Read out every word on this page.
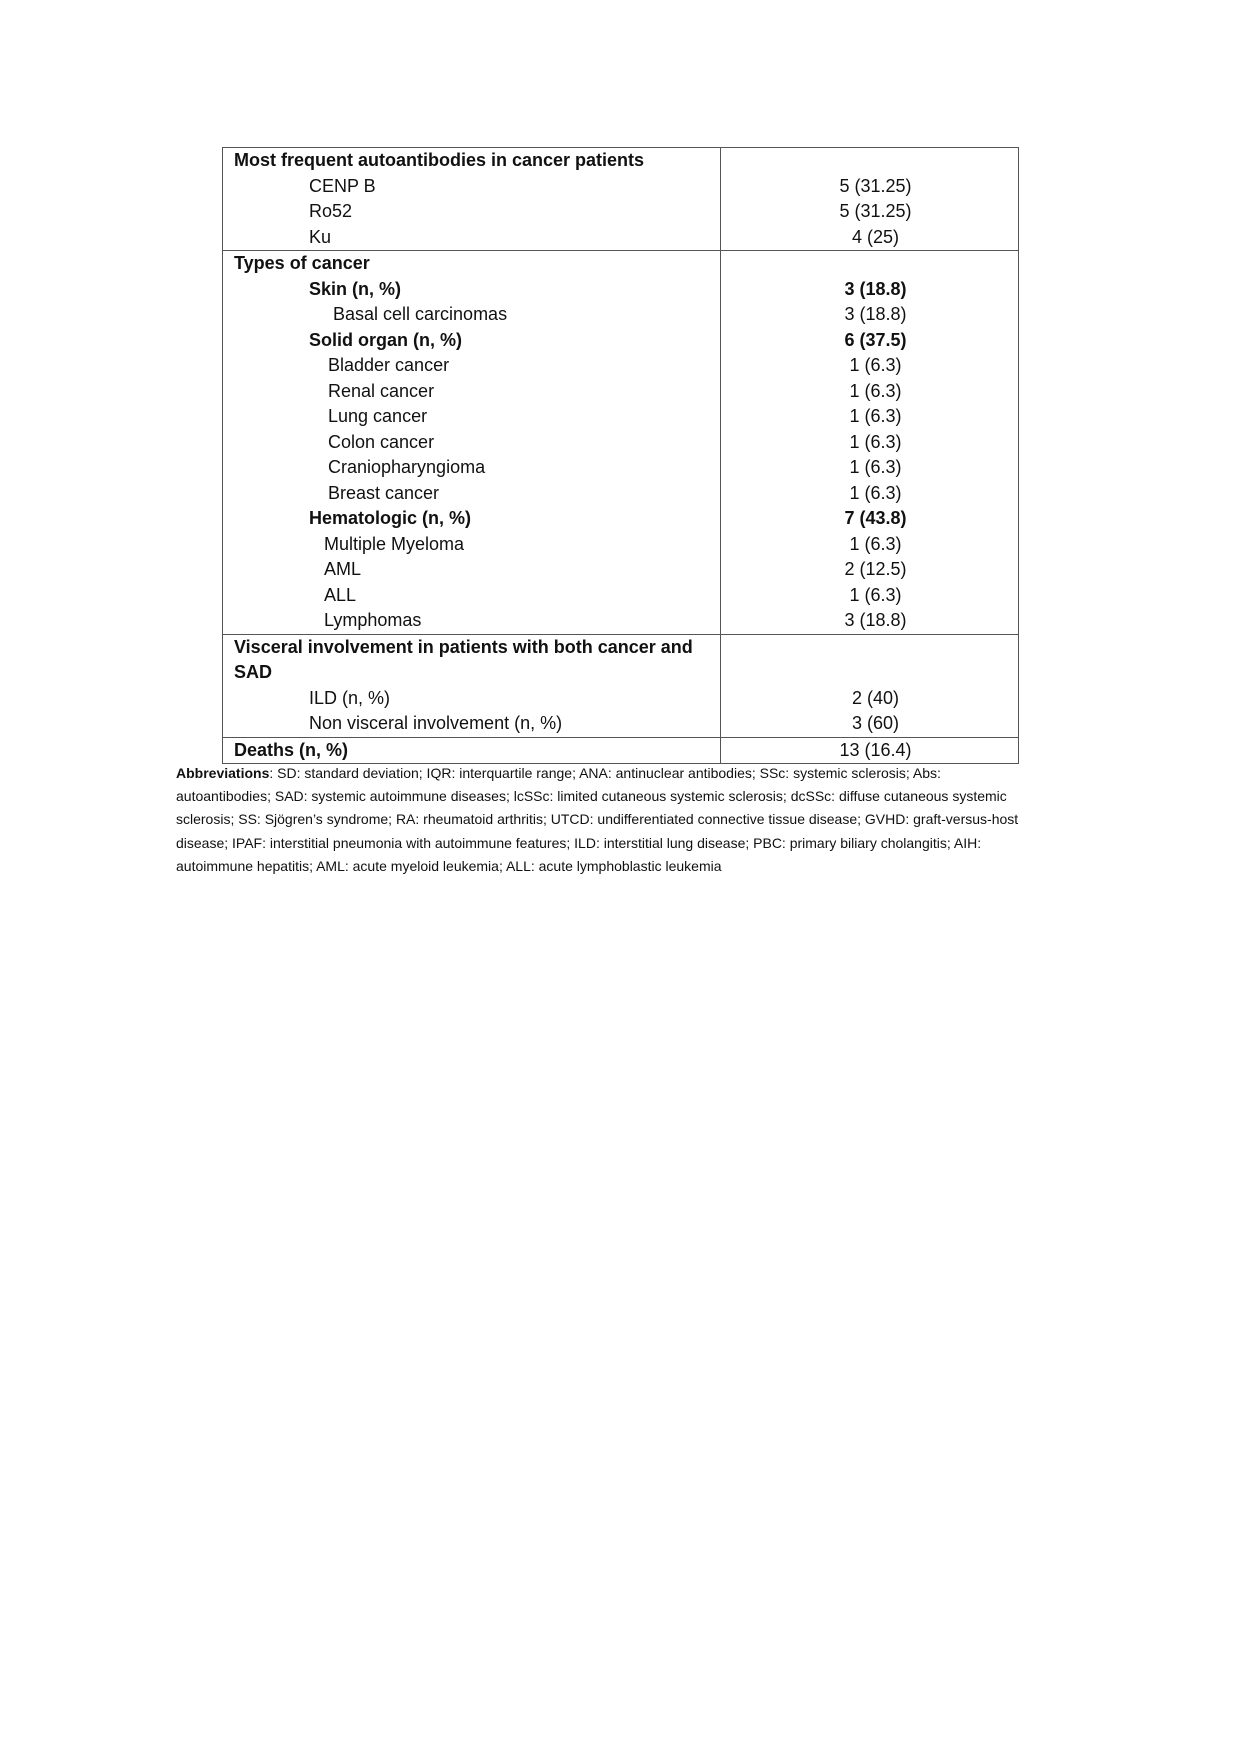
Most frequent autoantibodies in cancer patients	
CENP B	5 (31.25)
Ro52	5 (31.25)
Ku	4 (25)
Types of cancer	
Skin (n, %)	3 (18.8)
Basal cell carcinomas	3 (18.8)
Solid organ (n, %)	6 (37.5)
Bladder cancer	1 (6.3)
Renal cancer	1 (6.3)
Lung cancer	1 (6.3)
Colon cancer	1 (6.3)
Craniopharyngioma	1 (6.3)
Breast cancer	1 (6.3)
Hematologic (n, %)	7 (43.8)
Multiple Myeloma	1 (6.3)
AML	2 (12.5)
ALL	1 (6.3)
Lymphomas	3 (18.8)
Visceral involvement in patients with both cancer and SAD	
ILD (n, %)	2 (40)
Non visceral involvement (n, %)	3 (60)
Deaths (n, %)	13 (16.4)
Abbreviations: SD: standard deviation; IQR: interquartile range; ANA: antinuclear antibodies; SSc: systemic sclerosis; Abs: autoantibodies; SAD: systemic autoimmune diseases; lcSSc: limited cutaneous systemic sclerosis; dcSSc: diffuse cutaneous systemic sclerosis; SS: Sjögren’s syndrome; RA: rheumatoid arthritis; UTCD: undifferentiated connective tissue disease; GVHD: graft-versus-host disease; IPAF: interstitial pneumonia with autoimmune features; ILD: interstitial lung disease; PBC: primary biliary cholangitis; AIH: autoimmune hepatitis; AML: acute myeloid leukemia; ALL: acute lymphoblastic leukemia
